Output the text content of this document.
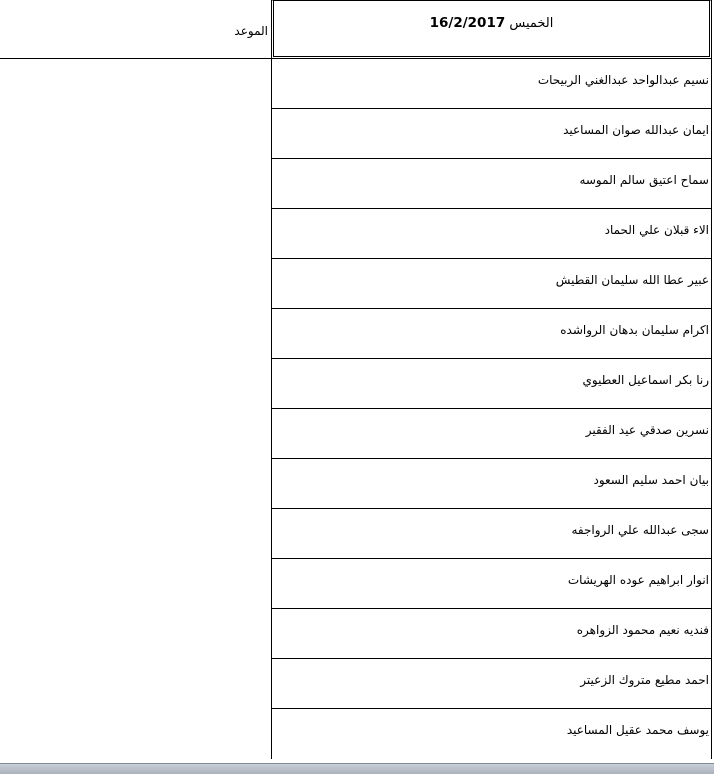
الموعد	الخميس 16/2/2017
نسيم عبدالواحد عبدالغني الربيحات
ايمان عبدالله صوان المساعيد
سماح اعتيق سالم الموسه
الاء قبلان علي الحماد
عبير عطا الله سليمان القطيش
اكرام سليمان بدهان الرواشده
رنا بكر اسماعيل العطيوي
نسرين صدقي عيد الفقير
بيان احمد سليم السعود
سجى عبدالله علي الرواجفه
انوار ابراهيم عوده الهريشات
فنديه نعيم محمود الزواهره
احمد مطيع متروك الزعيتر
يوسف محمد عقيل المساعيد
